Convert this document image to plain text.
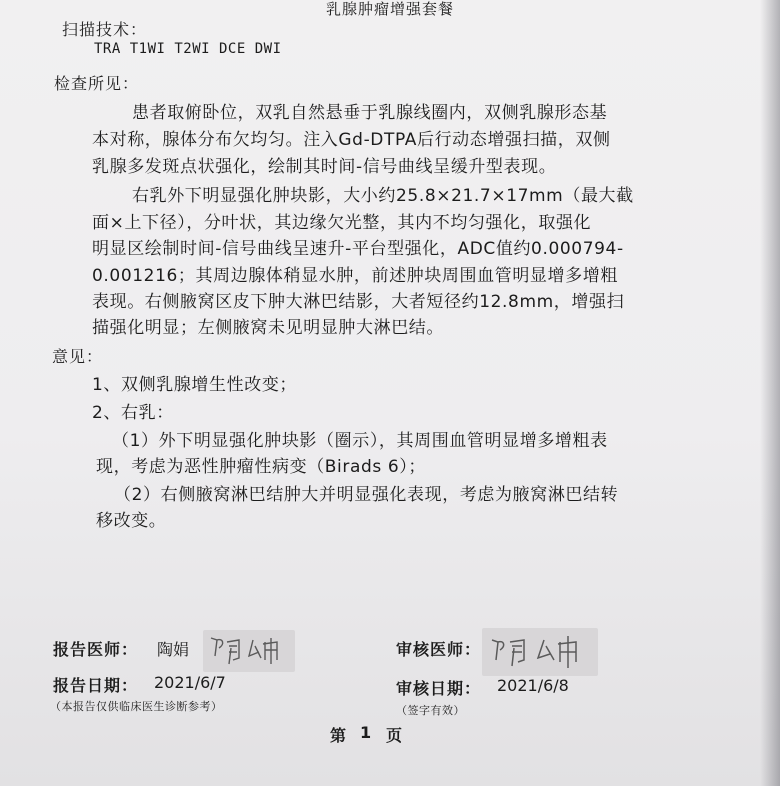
乳腺肿瘤增强套餐
扫描技术：
TRA T1WI T2WI DCE DWI
检查所见：
患者取俯卧位，双乳自然悬垂于乳腺线圈内，双侧乳腺形态基
本对称，腺体分布欠均匀。注入Gd-DTPA后行动态增强扫描，双侧
乳腺多发斑点状强化，绘制其时间-信号曲线呈缓升型表现。
右乳外下明显强化肿块影，大小约25.8×21.7×17mm（最大截
面×上下径），分叶状，其边缘欠光整，其内不均匀强化，取强化
明显区绘制时间-信号曲线呈速升-平台型强化，ADC值约0.000794-
0.001216；其周边腺体稍显水肿，前述肿块周围血管明显增多增粗
表现。右侧腋窝区皮下肿大淋巴结影，大者短径约12.8mm，增强扫
描强化明显；左侧腋窝未见明显肿大淋巴结。
意见：
1、双侧乳腺增生性改变；
2、右乳：
（1）外下明显强化肿块影（圈示），其周围血管明显增多增粗表
现，考虑为恶性肿瘤性病变（Birads 6）；
（2）右侧腋窝淋巴结肿大并明显强化表现，考虑为腋窝淋巴结转
移改变。
报告医师： 陶娟	审核医师：
报告日期： 2021/6/7	审核日期： 2021/6/8
（本报告仅供临床医生诊断参考）	（签字有效）
第 1 页
